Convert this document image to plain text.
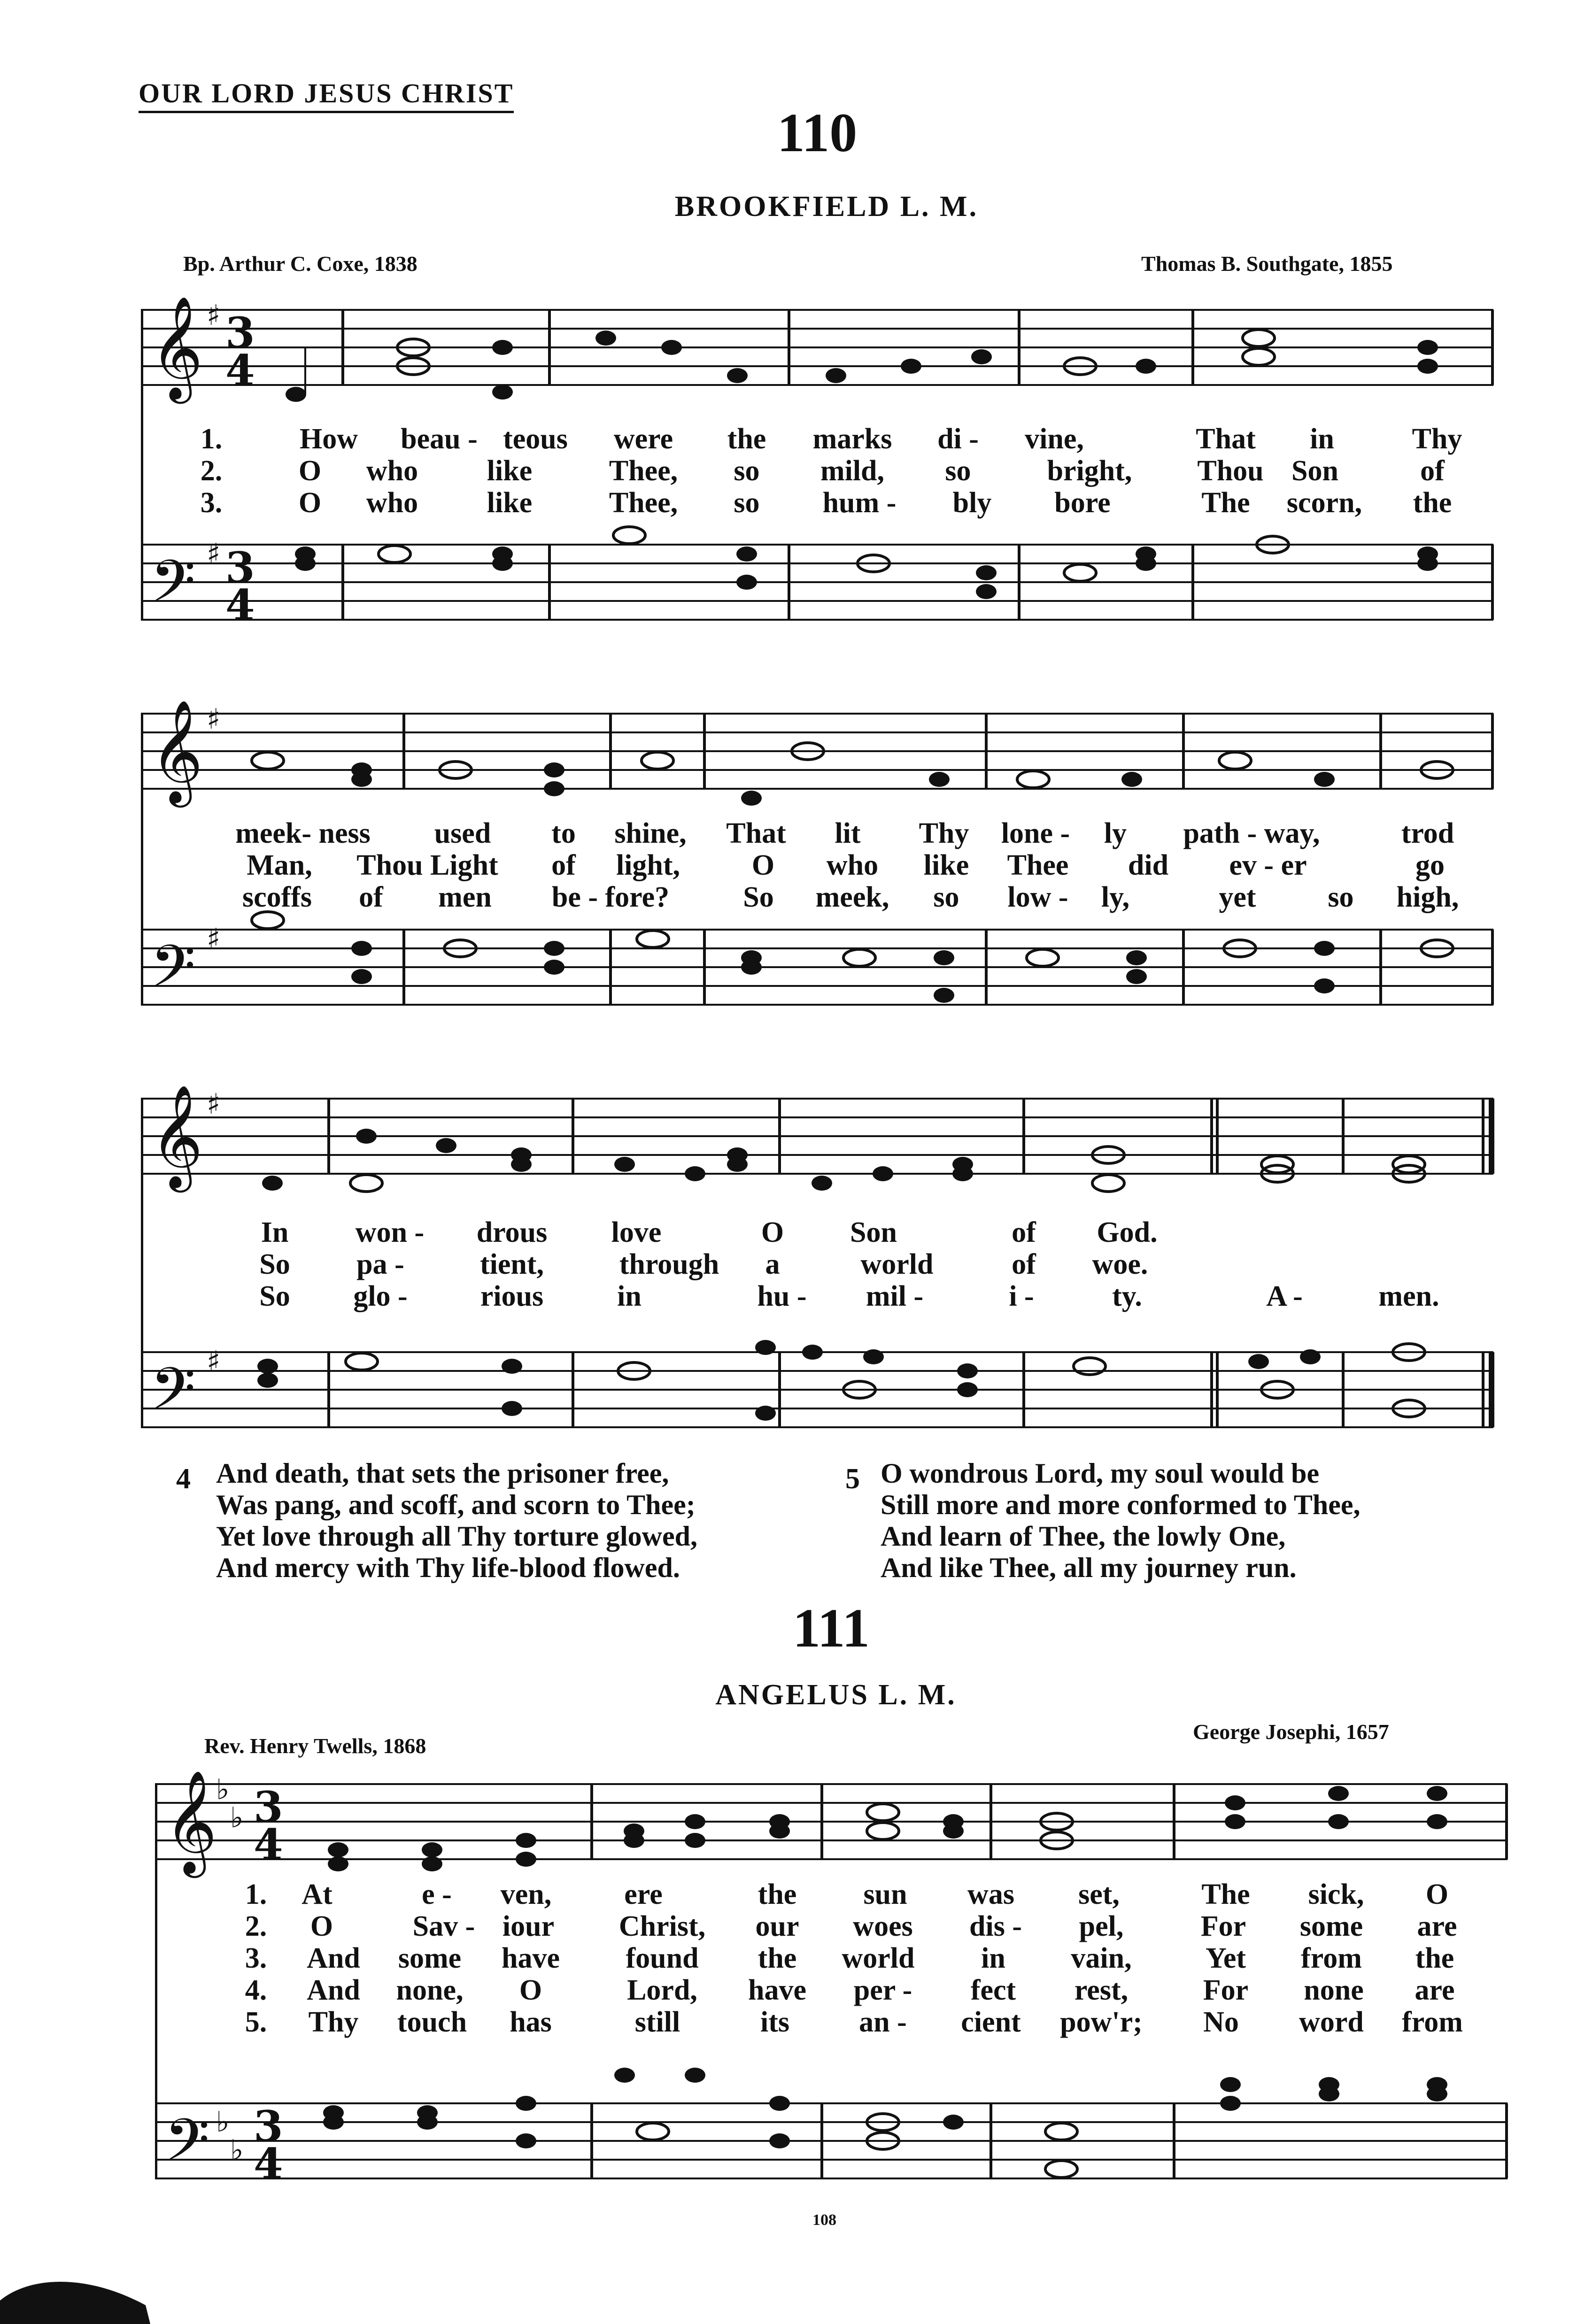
OUR LORD JESUS CHRIST
110
BROOKFIELD L. M.
Bp. Arthur C. Coxe, 1838	Thomas B. Southgate, 1855
𝄞
𝄢
♯
♯
3
4
3
4
1.	How beau - teous were the marks di - vine,	That in	Thy
2.	O who like	Thee, so mild, so	bright, Thou Son	of
3.	O who like	Thee, so hum - bly bore	The scorn, the
𝄞
𝄢
♯
♯
meek- ness used to shine, That lit Thy lone - ly path - way,	trod
Man, Thou Light of light, O who like Thee did ev - er	go
scoffs of men be - fore?	So meek, so low - ly,	yet so high,
𝄞
𝄢
♯
♯
In won - drous love	O Son	of God.
So pa -	tient,	through a	world	of woe.
So glo -	rious	in	hu - mil -	i -	ty.	A -	men.
4 And death, that sets the prisoner free,
Was pang, and scoff, and scorn to Thee;
Yet love through all Thy torture glowed,
And mercy with Thy life-blood flowed.
5 O wondrous Lord, my soul would be
Still more and more conformed to Thee,
And learn of Thee, the lowly One,
And like Thee, all my journey run.
111
ANGELUS L. M.
Rev. Henry Twells, 1868
George Josephi, 1657
𝄞
𝄢
♭
♭
♭
♭
3
4
3
4
1. At	e - ven,	ere	the sun was set,	The sick, O
2. O	Sav - iour Christ, our woes dis - pel,	For some are
3. And some have found the world in vain,	Yet from the
4. And none, O	Lord, have per - fect rest,	For none are
5. Thy touch has	still	its an - cient pow'r; No word from
108
